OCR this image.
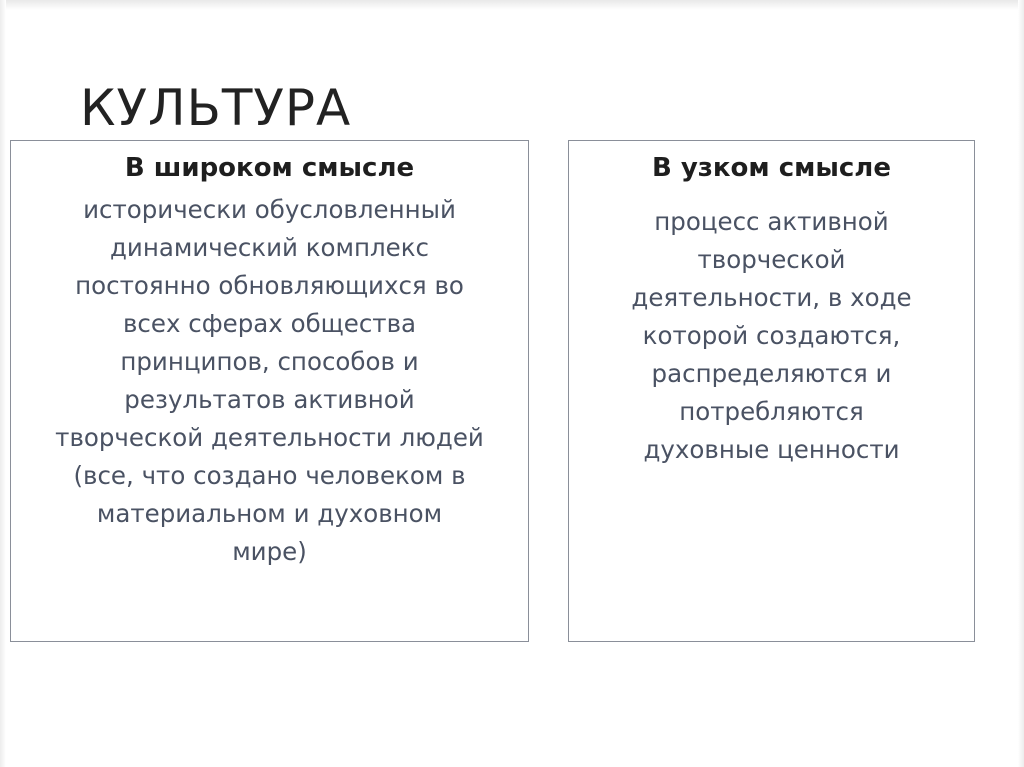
КУЛЬТУРА
В широком смысле
исторически обусловленный
динамический комплекс
постоянно обновляющихся во
всех сферах общества
принципов, способов и
результатов активной
творческой деятельности людей
(все, что создано человеком в
материальном и духовном
мире)
В узком смысле
процесс активной
творческой
деятельности, в ходе
которой создаются,
распределяются и
потребляются
духовные ценности
